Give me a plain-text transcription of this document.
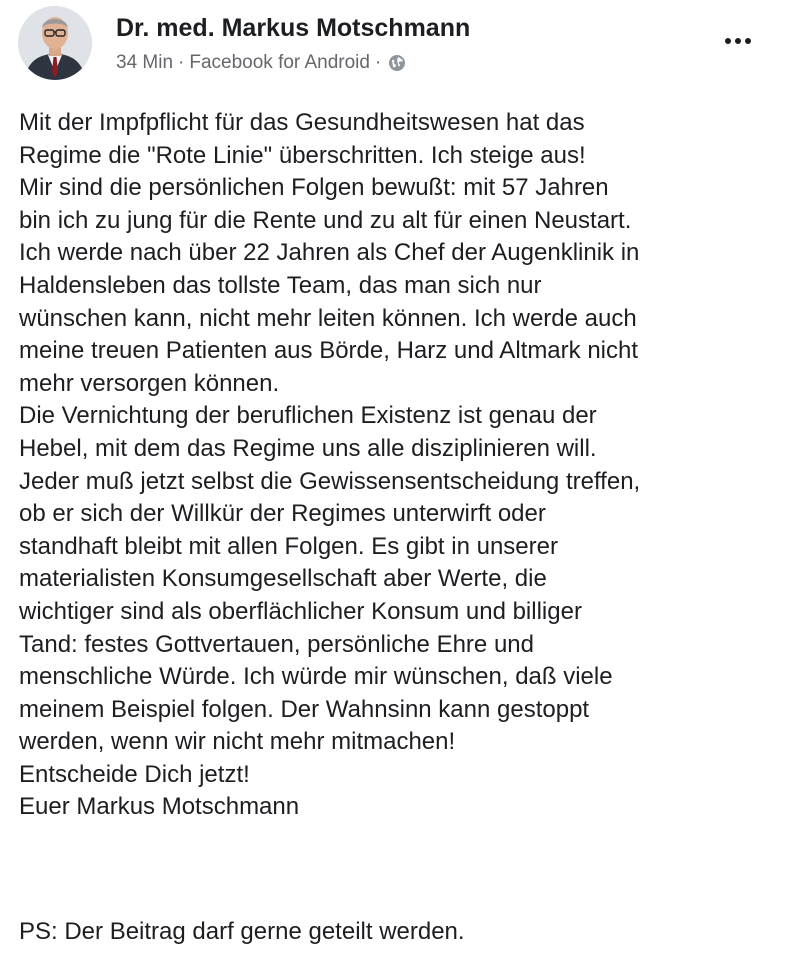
Dr. med. Markus Motschmann
34 Min · Facebook for Android ·
Mit der Impfpflicht für das Gesundheitswesen hat das
Regime die "Rote Linie" überschritten. Ich steige aus!
Mir sind die persönlichen Folgen bewußt: mit 57 Jahren
bin ich zu jung für die Rente und zu alt für einen Neustart.
Ich werde nach über 22 Jahren als Chef der Augenklinik in
Haldensleben das tollste Team, das man sich nur
wünschen kann, nicht mehr leiten können. Ich werde auch
meine treuen Patienten aus Börde, Harz und Altmark nicht
mehr versorgen können.
Die Vernichtung der beruflichen Existenz ist genau der
Hebel, mit dem das Regime uns alle disziplinieren will.
Jeder muß jetzt selbst die Gewissensentscheidung treffen,
ob er sich der Willkür der Regimes unterwirft oder
standhaft bleibt mit allen Folgen. Es gibt in unserer
materialisten Konsumgesellschaft aber Werte, die
wichtiger sind als oberflächlicher Konsum und billiger
Tand: festes Gottvertauen, persönliche Ehre und
menschliche Würde. Ich würde mir wünschen, daß viele
meinem Beispiel folgen. Der Wahnsinn kann gestoppt
werden, wenn wir nicht mehr mitmachen!
Entscheide Dich jetzt!
Euer Markus Motschmann
PS: Der Beitrag darf gerne geteilt werden.
